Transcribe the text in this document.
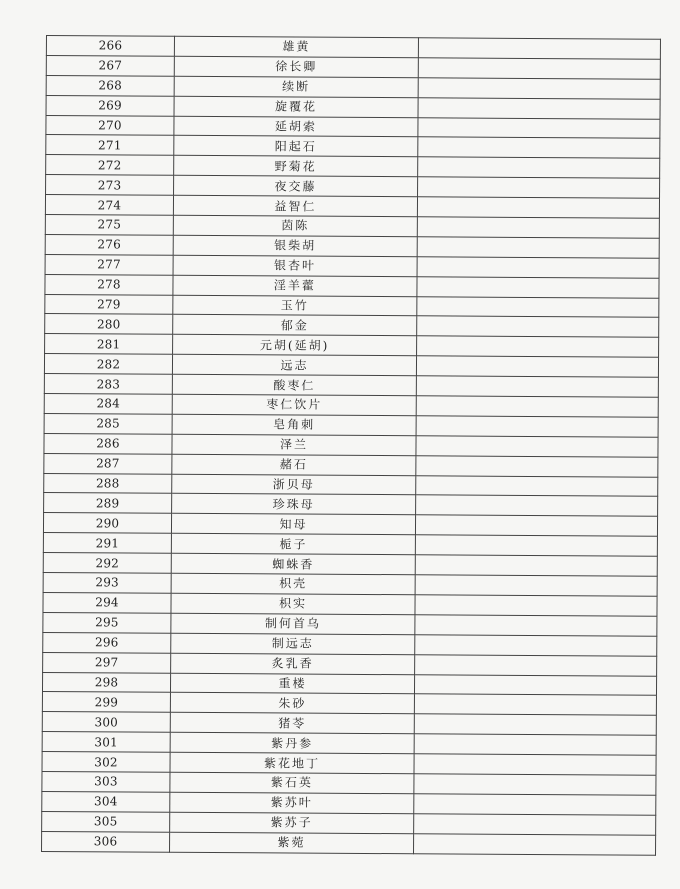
266	雄黄	
267	徐长卿	
268	续断	
269	旋覆花	
270	延胡索	
271	阳起石	
272	野菊花	
273	夜交藤	
274	益智仁	
275	茵陈	
276	银柴胡	
277	银杏叶	
278	淫羊藿	
279	玉竹	
280	郁金	
281	元胡(延胡)	
282	远志	
283	酸枣仁	
284	枣仁饮片	
285	皂角刺	
286	泽兰	
287	赭石	
288	浙贝母	
289	珍珠母	
290	知母	
291	栀子	
292	蜘蛛香	
293	枳壳	
294	枳实	
295	制何首乌	
296	制远志	
297	炙乳香	
298	重楼	
299	朱砂	
300	猪苓	
301	紫丹参	
302	紫花地丁	
303	紫石英	
304	紫苏叶	
305	紫苏子	
306	紫菀	
